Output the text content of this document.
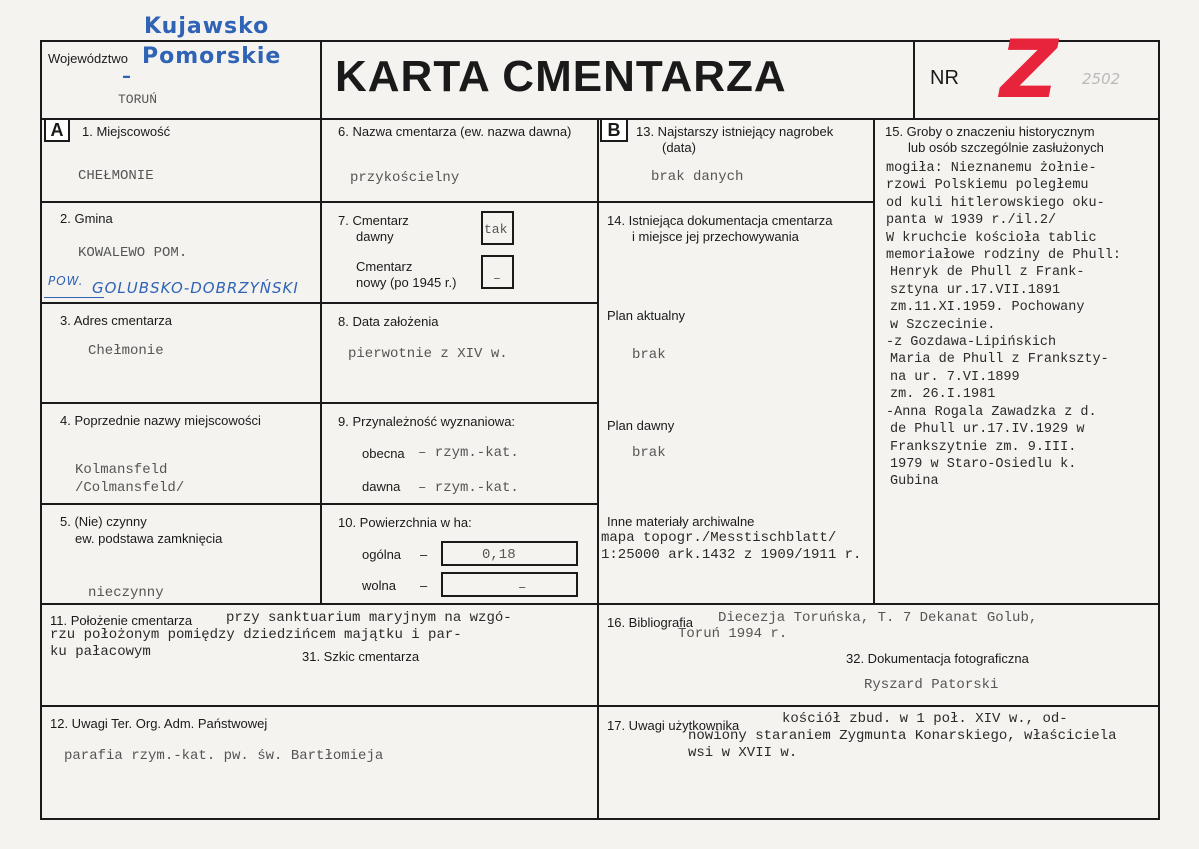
Województwo
Kujawsko
Pomorskie
–
TORUŃ	KARTA CMENTARZA	NR Z 2502
A	B
1. Miejscowość
CHEŁMONIE
2. Gmina
KOWALEWO POM.
POW. GOLUBSKO-DOBRZYŃSKI
3. Adres cmentarza
Chełmonie
4. Poprzednie nazwy miejscowości
Kolmansfeld
/Colmansfeld/
5. (Nie) czynny
ew. podstawa zamknięcia
nieczynny
6. Nazwa cmentarza (ew. nazwa dawna)
przykościelny
7. Cmentarz
dawny	tak
Cmentarz
nowy (po 1945 r.)	–
8. Data założenia
pierwotnie z XIV w.
9. Przynależność wyznaniowa:
obecna – rzym.-kat.
dawna – rzym.-kat.
10. Powierzchnia w ha:
ogólna –	0,18
wolna –	–
13. Najstarszy istniejący nagrobek
(data)
brak danych
14. Istniejąca dokumentacja cmentarza
i miejsce jej przechowywania
Plan aktualny
brak
Plan dawny
brak
Inne materiały archiwalne
mapa topogr./Messtischblatt/
1:25000 ark.1432 z 1909/1911 r.
15. Groby o znaczeniu historycznym
lub osób szczególnie zasłużonych
mogiła: Nieznanemu żołnie-
rzowi Polskiemu poległemu
od kuli hitlerowskiego oku-
panta w 1939 r./il.2/
W kruchcie kościoła tablic
memoriałowe rodziny de Phull:
Henryk de Phull z Frank-
sztyna ur.17.VII.1891
zm.11.XI.1959. Pochowany
w Szczecinie.
-z Gozdawa-Lipińskich
Maria de Phull z Frankszty-
na ur. 7.VI.1899
zm. 26.I.1981
-Anna Rogala Zawadzka z d.
de Phull ur.17.IV.1929 w
Frankszytnie zm. 9.III.
1979 w Staro-Osiedlu k.
Gubina
11. Położenie cmentarza przy sanktuarium maryjnym na wzgó-
rzu położonym pomiędzy dziedzińcem majątku i par-
ku pałacowym	31. Szkic cmentarza
16. Bibliografia Diecezja Toruńska, T. 7 Dekanat Golub,
Toruń 1994 r.
32. Dokumentacja fotograficzna
Ryszard Patorski
12. Uwagi Ter. Org. Adm. Państwowej
parafia rzym.-kat. pw. św. Bartłomieja
17. Uwagi użytkownika	kościół zbud. w 1 poł. XIV w., od-
nowiony staraniem Zygmunta Konarskiego, właściciela
wsi w XVII w.
